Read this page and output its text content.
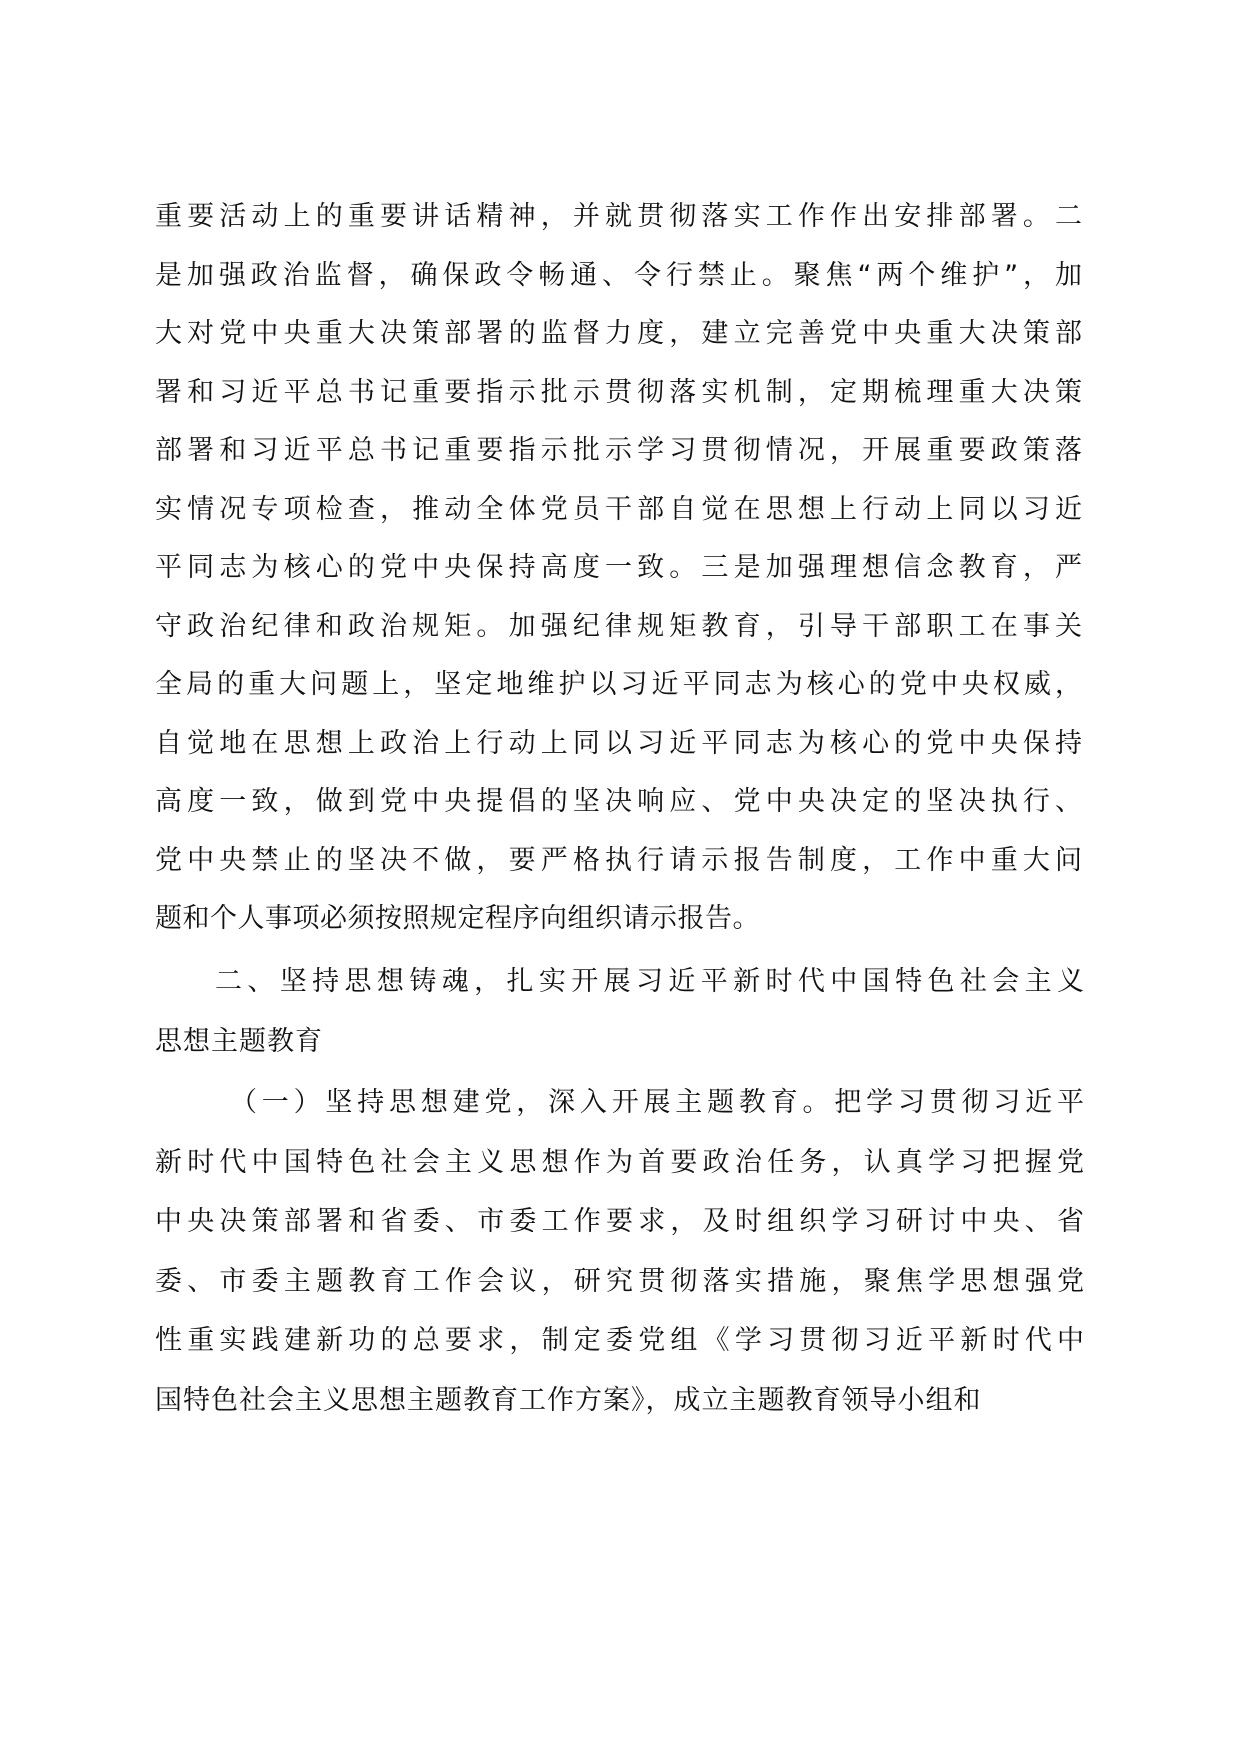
重要活动上的重要讲话精神，并就贯彻落实工作作出安排部署。二
是加强政治监督，确保政令畅通、令行禁止。聚焦“两个维护”，加
大对党中央重大决策部署的监督力度，建立完善党中央重大决策部
署和习近平总书记重要指示批示贯彻落实机制，定期梳理重大决策
部署和习近平总书记重要指示批示学习贯彻情况，开展重要政策落
实情况专项检查，推动全体党员干部自觉在思想上行动上同以习近
平同志为核心的党中央保持高度一致。三是加强理想信念教育，严
守政治纪律和政治规矩。加强纪律规矩教育，引导干部职工在事关
全局的重大问题上，坚定地维护以习近平同志为核心的党中央权威，
自觉地在思想上政治上行动上同以习近平同志为核心的党中央保持
高度一致，做到党中央提倡的坚决响应、党中央决定的坚决执行、
党中央禁止的坚决不做，要严格执行请示报告制度，工作中重大问
题和个人事项必须按照规定程序向组织请示报告。
二、坚持思想铸魂，扎实开展习近平新时代中国特色社会主义
思想主题教育
（一）坚持思想建党，深入开展主题教育。把学习贯彻习近平
新时代中国特色社会主义思想作为首要政治任务，认真学习把握党
中央决策部署和省委、市委工作要求，及时组织学习研讨中央、省
委、市委主题教育工作会议，研究贯彻落实措施，聚焦学思想强党
性重实践建新功的总要求，制定委党组《学习贯彻习近平新时代中
国特色社会主义思想主题教育工作方案》，成立主题教育领导小组和
